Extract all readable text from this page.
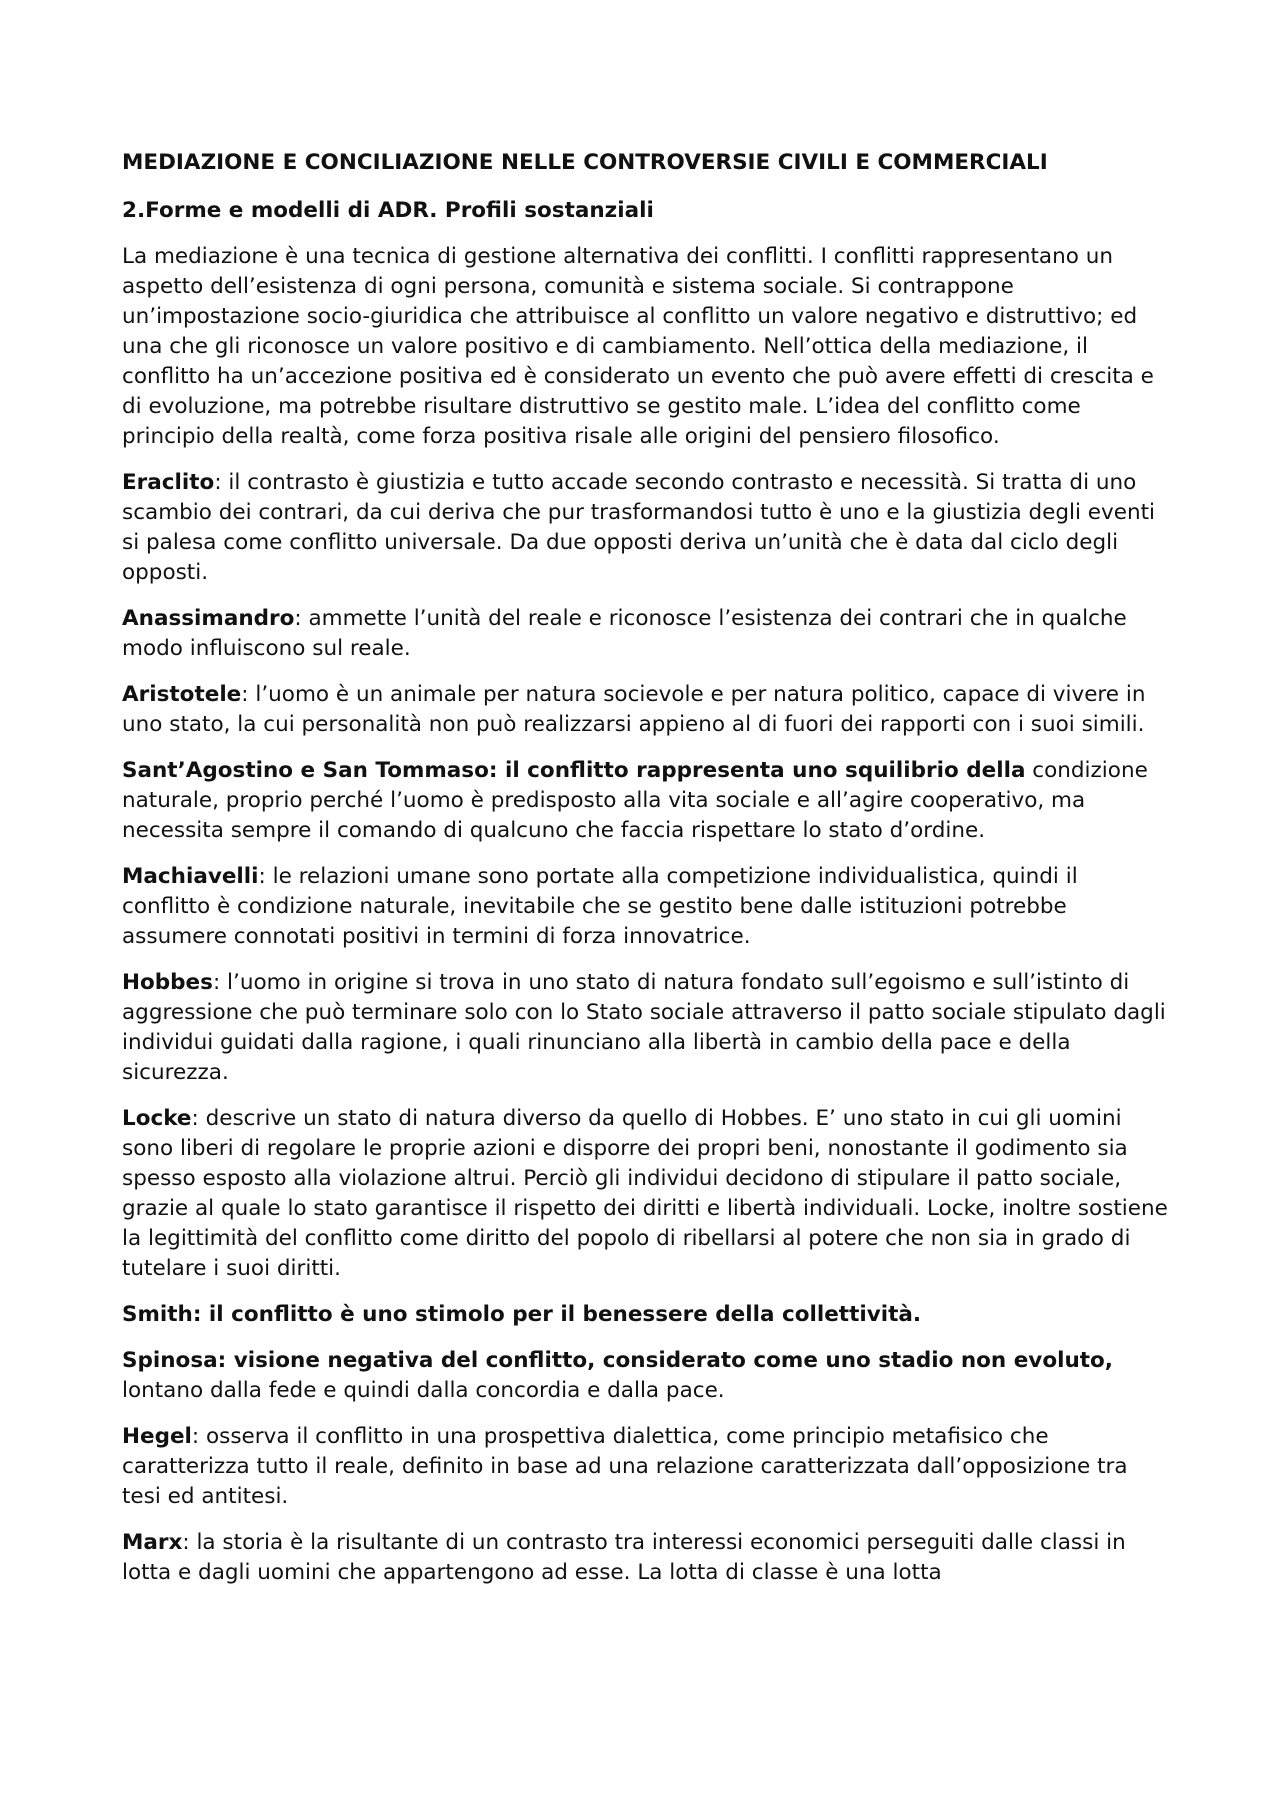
MEDIAZIONE E CONCILIAZIONE NELLE CONTROVERSIE CIVILI E COMMERCIALI
2.Forme e modelli di ADR. Profili sostanziali

La mediazione è una tecnica di gestione alternativa dei conflitti. I conflitti rappresentano un aspetto dell’esistenza di ogni persona, comunità e sistema sociale. Si contrappone un’impostazione socio-giuridica che attribuisce al conflitto un valore negativo e distruttivo; ed una che gli riconosce un valore positivo e di cambiamento. Nell’ottica della mediazione, il conflitto ha un’accezione positiva ed è considerato un evento che può avere effetti di crescita e di evoluzione, ma potrebbe risultare distruttivo se gestito male. L’idea del conflitto come principio della realtà, come forza positiva risale alle origini del pensiero filosofico.

Eraclito: il contrasto è giustizia e tutto accade secondo contrasto e necessità. Si tratta di uno scambio dei contrari, da cui deriva che pur trasformandosi tutto è uno e la giustizia degli eventi si palesa come conflitto universale. Da due opposti deriva un’unità che è data dal ciclo degli opposti.

Anassimandro: ammette l’unità del reale e riconosce l’esistenza dei contrari che in qualche modo influiscono sul reale.

Aristotele: l’uomo è un animale per natura socievole e per natura politico, capace di vivere in uno stato, la cui personalità non può realizzarsi appieno al di fuori dei rapporti con i suoi simili.

Sant’Agostino e San Tommaso: il conflitto rappresenta uno squilibrio della condizione naturale, proprio perché l’uomo è predisposto alla vita sociale e all’agire cooperativo, ma necessita sempre il comando di qualcuno che faccia rispettare lo stato d’ordine.

Machiavelli: le relazioni umane sono portate alla competizione individualistica, quindi il conflitto è condizione naturale, inevitabile che se gestito bene dalle istituzioni potrebbe assumere connotati positivi in termini di forza innovatrice.

Hobbes: l’uomo in origine si trova in uno stato di natura fondato sull’egoismo e sull’istinto di aggressione che può terminare solo con lo Stato sociale attraverso il patto sociale stipulato dagli individui guidati dalla ragione, i quali rinunciano alla libertà in cambio della pace e della sicurezza.

Locke: descrive un stato di natura diverso da quello di Hobbes. E’ uno stato in cui gli uomini sono liberi di regolare le proprie azioni e disporre dei propri beni, nonostante il godimento sia spesso esposto alla violazione altrui. Perciò gli individui decidono di stipulare il patto sociale, grazie al quale lo stato garantisce il rispetto dei diritti e libertà individuali. Locke, inoltre sostiene la legittimità del conflitto come diritto del popolo di ribellarsi al potere che non sia in grado di tutelare i suoi diritti.

Smith: il conflitto è uno stimolo per il benessere della collettività.

Spinosa: visione negativa del conflitto, considerato come uno stadio non evoluto, lontano dalla fede e quindi dalla concordia e dalla pace.

Hegel: osserva il conflitto in una prospettiva dialettica, come principio metafisico che caratterizza tutto il reale, definito in base ad una relazione caratterizzata dall’opposizione tra tesi ed antitesi.

Marx: la storia è la risultante di un contrasto tra interessi economici perseguiti dalle classi in lotta e dagli uomini che appartengono ad esse. La lotta di classe è una lotta
